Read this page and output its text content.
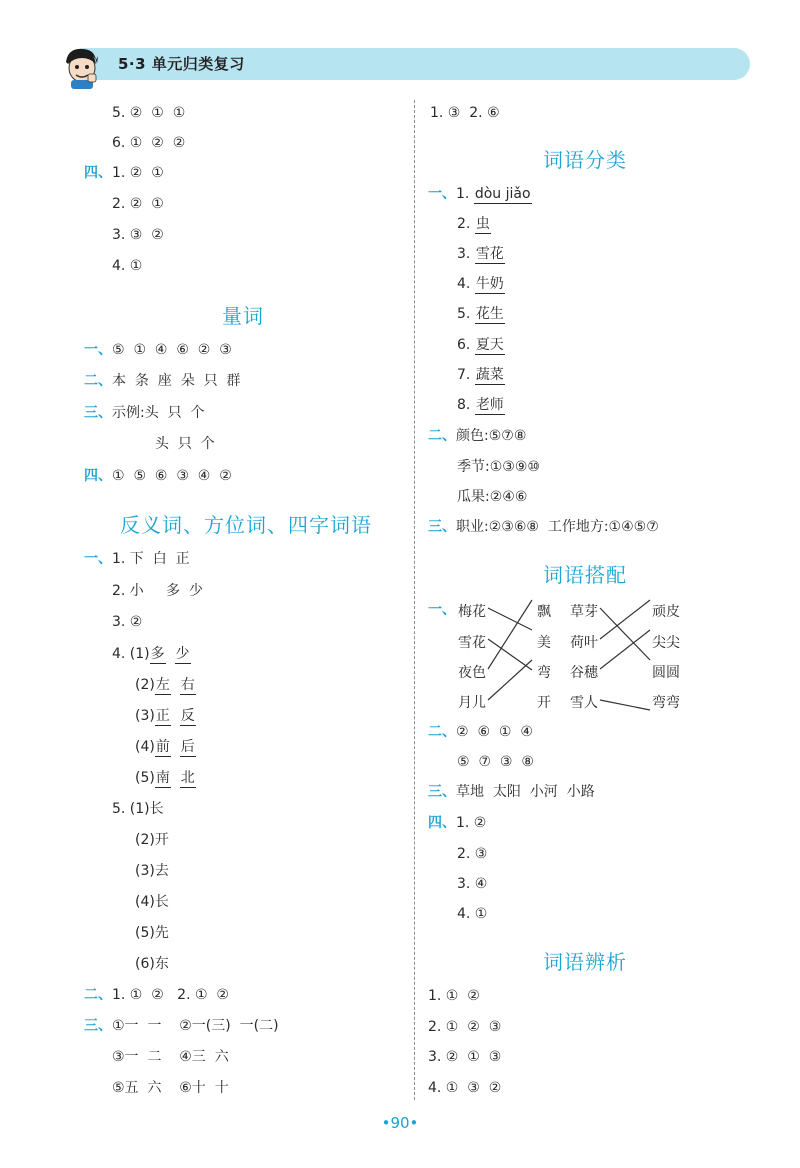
5·3 单元归类复习
5. ②  ①  ①
6. ①  ②  ②
四、1. ②  ①
2. ②  ①
3. ③  ②
4. ①
量词
一、⑤  ①  ④  ⑥  ②  ③
二、本  条  座  朵  只  群
三、示例:头  只  个
头  只  个
四、①  ⑤  ⑥  ③  ④  ②
反义词、方位词、四字词语
一、1. 下  白  正
2. 小     多  少
3. ②
4. (1)多 少
(2)左 右
(3)正 反
(4)前 后
(5)南 北
5. (1)长
(2)开
(3)去
(4)长
(5)先
(6)东
二、1. ①  ②   2. ①  ②
三、①一  一    ②一(三)  一(二)
③一  二    ④三  六
⑤五  六    ⑥十  十
1. ③  2. ⑥
词语分类
一、1. dòu jiǎo
2. 虫
3. 雪花
4. 牛奶
5. 花生
6. 夏天
7. 蔬菜
8. 老师
二、颜色:⑤⑦⑧
季节:①③⑨⑩
瓜果:②④⑥
三、职业:②③⑥⑧  工作地方:①④⑤⑦
词语搭配
一、 梅花
雪花
夜色
月儿
飘
美
弯
开
草芽
荷叶
谷穗
雪人
顽皮
尖尖
圆圆
弯弯
二、②  ⑥  ①  ④
⑤  ⑦  ③  ⑧
三、草地  太阳  小河  小路
四、1. ②
2. ③
3. ④
4. ①
词语辨析
1. ①  ②
2. ①  ②  ③
3. ②  ①  ③
4. ①  ③  ②
•90•
